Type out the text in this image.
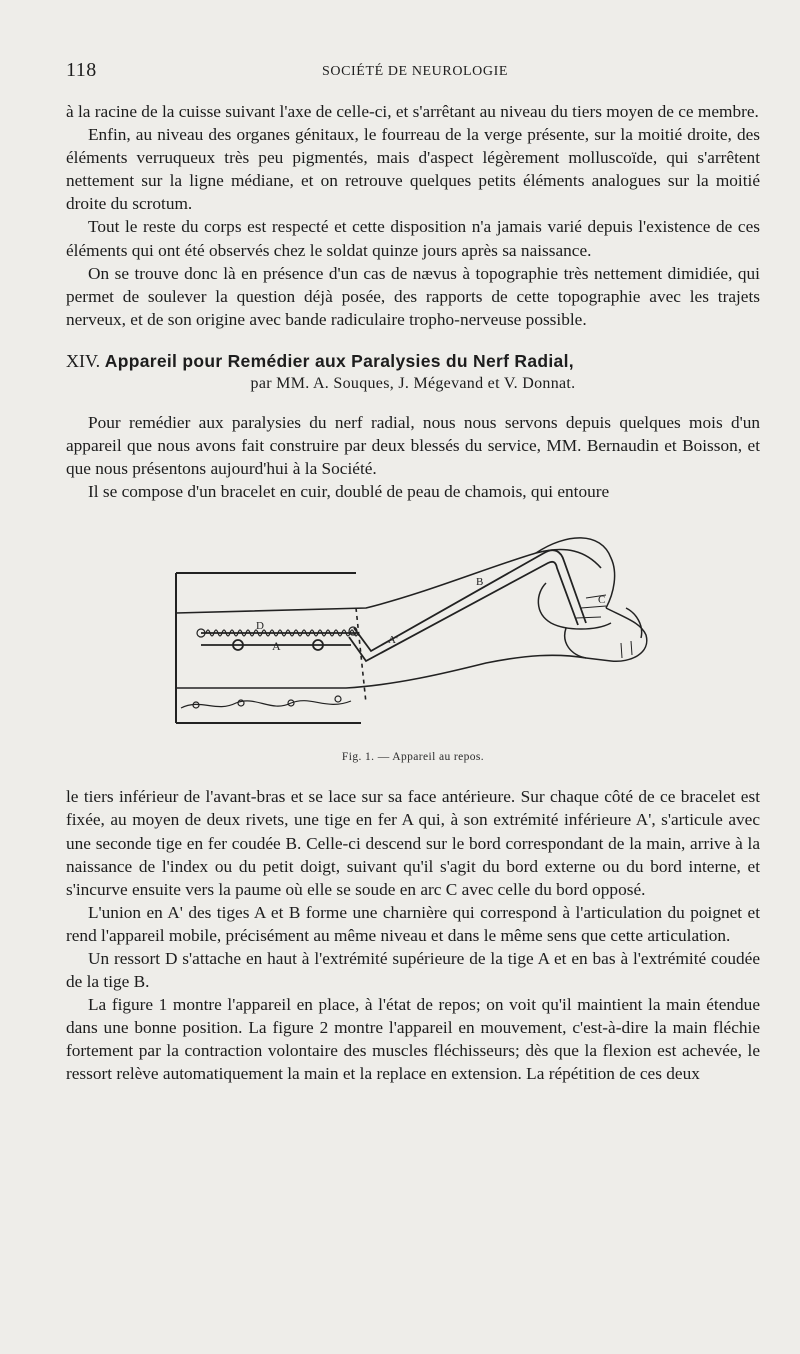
118	SOCIÉTÉ DE NEUROLOGIE

à la racine de la cuisse suivant l'axe de celle-ci, et s'arrêtant au niveau du tiers moyen de ce membre.

Enfin, au niveau des organes génitaux, le fourreau de la verge présente, sur la moitié droite, des éléments verruqueux très peu pigmentés, mais d'aspect légèrement molluscoïde, qui s'arrêtent nettement sur la ligne médiane, et on retrouve quelques petits éléments analogues sur la moitié droite du scrotum.

Tout le reste du corps est respecté et cette disposition n'a jamais varié depuis l'existence de ces éléments qui ont été observés chez le soldat quinze jours après sa naissance.

On se trouve donc là en présence d'un cas de nævus à topographie très nettement dimidiée, qui permet de soulever la question déjà posée, des rapports de cette topographie avec les trajets nerveux, et de son origine avec bande radiculaire tropho-nerveuse possible.

XIV. Appareil pour Remédier aux Paralysies du Nerf Radial,
par MM. A. Souques, J. Mégevand et V. Donnat.

Pour remédier aux paralysies du nerf radial, nous nous servons depuis quelques mois d'un appareil que nous avons fait construire par deux blessés du service, MM. Bernaudin et Boisson, et que nous présentons aujourd'hui à la Société.

Il se compose d'un bracelet en cuir, doublé de peau de chamois, qui entoure

D
A	A'
B
C
Fig. 1. — Appareil au repos.

le tiers inférieur de l'avant-bras et se lace sur sa face antérieure. Sur chaque côté de ce bracelet est fixée, au moyen de deux rivets, une tige en fer A qui, à son extrémité inférieure A', s'articule avec une seconde tige en fer coudée B. Celle-ci descend sur le bord correspondant de la main, arrive à la naissance de l'index ou du petit doigt, suivant qu'il s'agit du bord externe ou du bord interne, et s'incurve ensuite vers la paume où elle se soude en arc C avec celle du bord opposé.

L'union en A' des tiges A et B forme une charnière qui correspond à l'articulation du poignet et rend l'appareil mobile, précisément au même niveau et dans le même sens que cette articulation.

Un ressort D s'attache en haut à l'extrémité supérieure de la tige A et en bas à l'extrémité coudée de la tige B.

La figure 1 montre l'appareil en place, à l'état de repos; on voit qu'il maintient la main étendue dans une bonne position. La figure 2 montre l'appareil en mouvement, c'est-à-dire la main fléchie fortement par la contraction volontaire des muscles fléchisseurs; dès que la flexion est achevée, le ressort relève automatiquement la main et la replace en extension. La répétition de ces deux
